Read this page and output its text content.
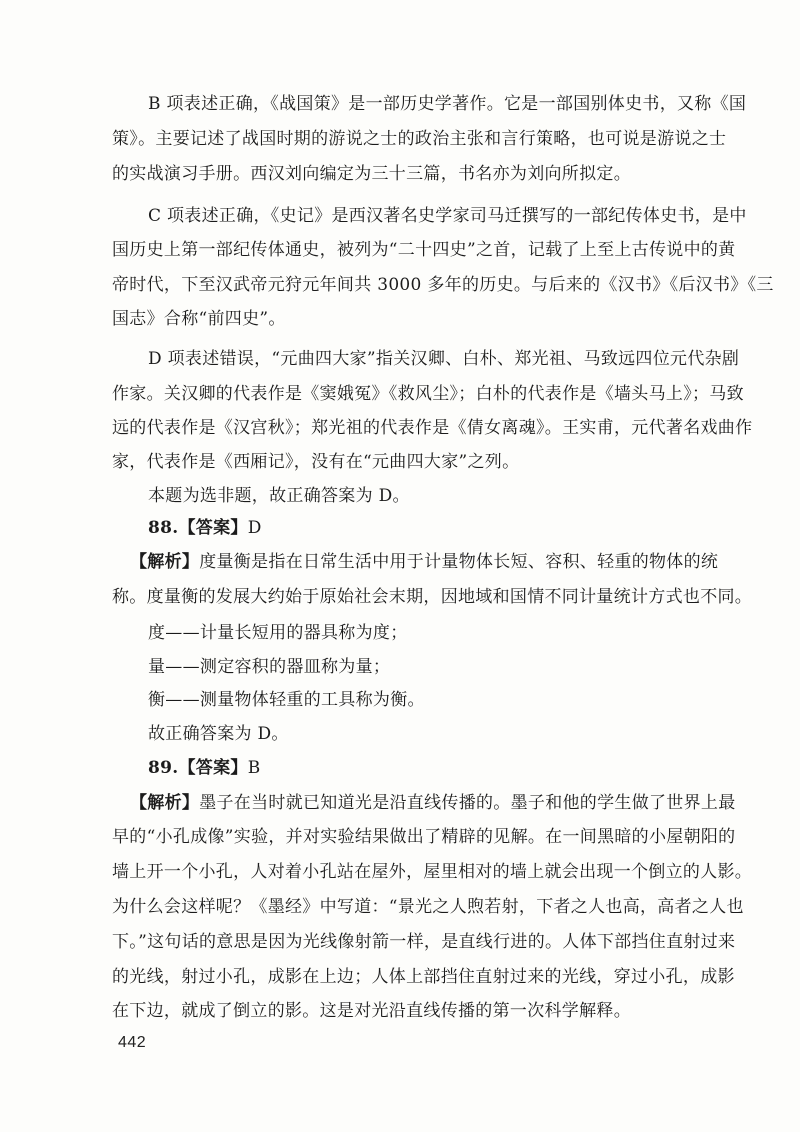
B 项表述正确，《战国策》是一部历史学著作。它是一部国别体史书，又称《国
策》。主要记述了战国时期的游说之士的政治主张和言行策略，也可说是游说之士
的实战演习手册。西汉刘向编定为三十三篇，书名亦为刘向所拟定。
C 项表述正确，《史记》是西汉著名史学家司马迁撰写的一部纪传体史书，是中
国历史上第一部纪传体通史，被列为“二十四史”之首，记载了上至上古传说中的黄
帝时代，下至汉武帝元狩元年间共 3000 多年的历史。与后来的《汉书》《后汉书》《三
国志》合称“前四史”。
D 项表述错误，“元曲四大家”指关汉卿、白朴、郑光祖、马致远四位元代杂剧
作家。关汉卿的代表作是《窦娥冤》《救风尘》；白朴的代表作是《墙头马上》；马致
远的代表作是《汉宫秋》；郑光祖的代表作是《倩女离魂》。王实甫，元代著名戏曲作
家，代表作是《西厢记》，没有在“元曲四大家”之列。
本题为选非题，故正确答案为 D。
88.【答案】D
【解析】度量衡是指在日常生活中用于计量物体长短、容积、轻重的物体的统
称。度量衡的发展大约始于原始社会末期，因地域和国情不同计量统计方式也不同。
度——计量长短用的器具称为度；
量——测定容积的器皿称为量；
衡——测量物体轻重的工具称为衡。
故正确答案为 D。
89.【答案】B
【解析】墨子在当时就已知道光是沿直线传播的。墨子和他的学生做了世界上最
早的“小孔成像”实验，并对实验结果做出了精辟的见解。在一间黑暗的小屋朝阳的
墙上开一个小孔，人对着小孔站在屋外，屋里相对的墙上就会出现一个倒立的人影。
为什么会这样呢？《墨经》中写道：“景光之人煦若射，下者之人也高，高者之人也
下。”这句话的意思是因为光线像射箭一样，是直线行进的。人体下部挡住直射过来
的光线，射过小孔，成影在上边；人体上部挡住直射过来的光线，穿过小孔，成影
在下边，就成了倒立的影。这是对光沿直线传播的第一次科学解释。
442
